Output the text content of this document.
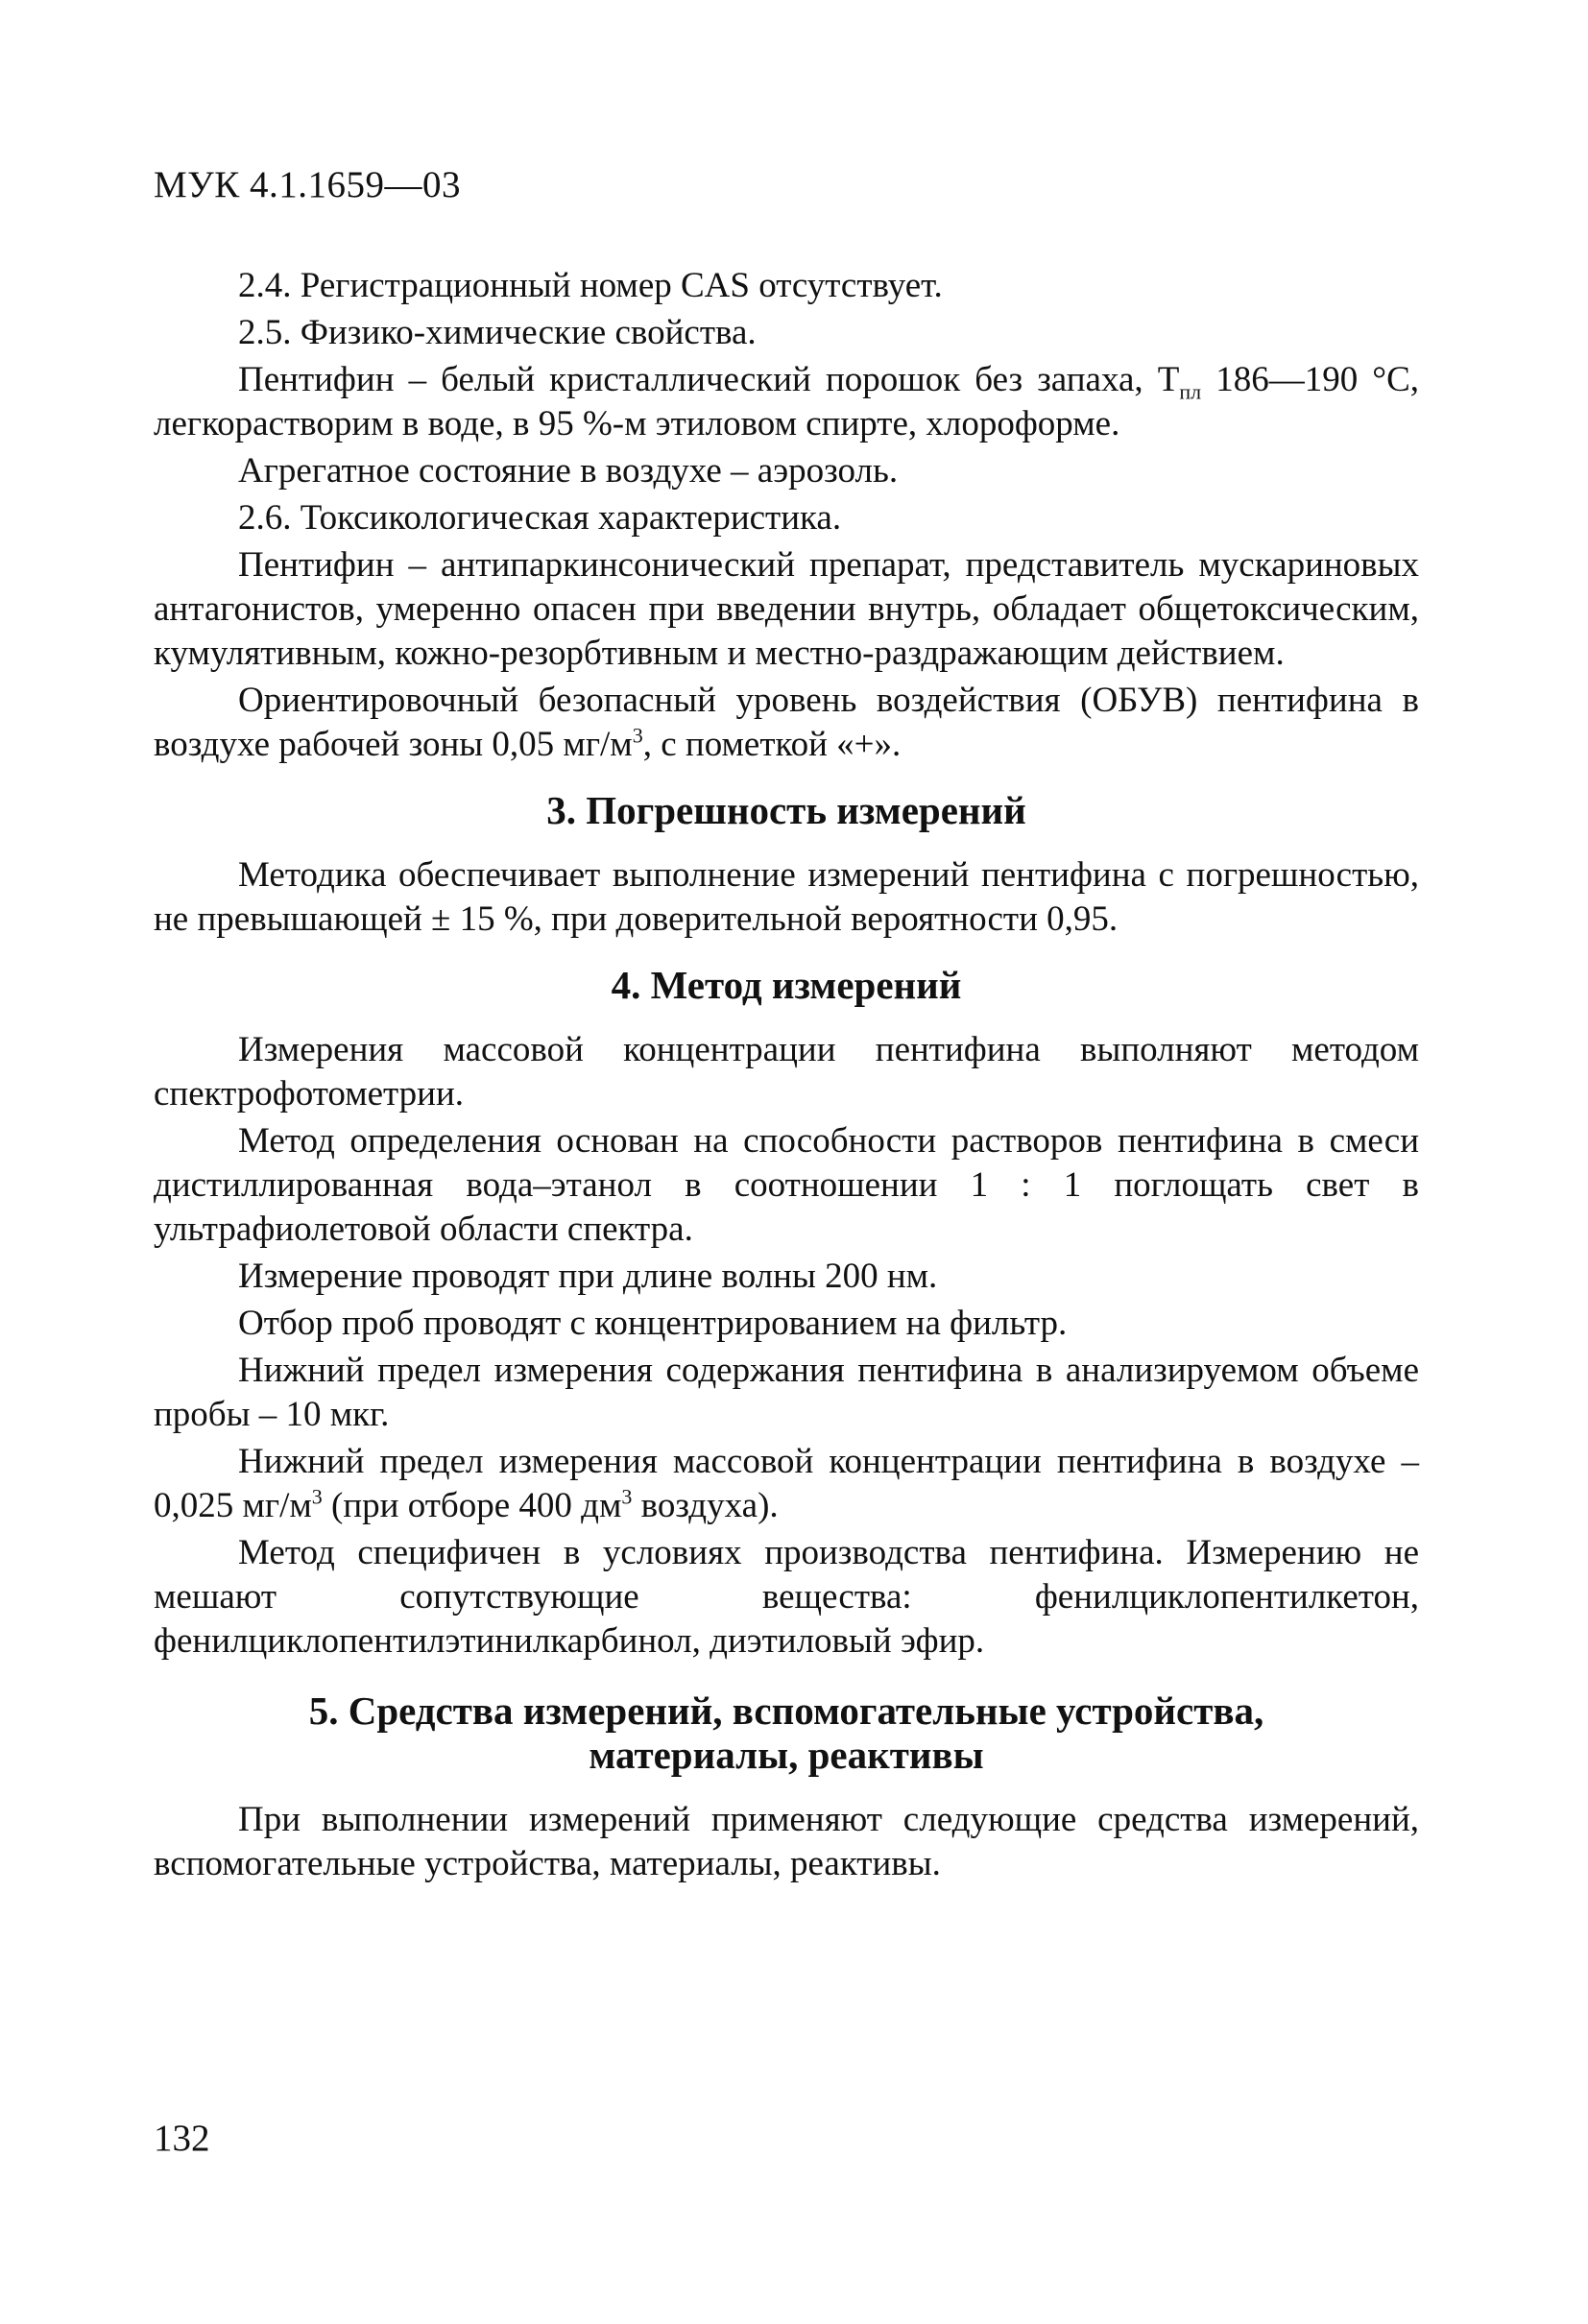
МУК 4.1.1659—03

2.4. Регистрационный номер CAS отсутствует.

2.5. Физико-химические свойства.

Пентифин – белый кристаллический порошок без запаха, $Т_{пл}$ 186—190 °С, легкорастворим в воде, в 95 %-м этиловом спирте, хлороформе.

Агрегатное состояние в воздухе – аэрозоль.

2.6. Токсикологическая характеристика.

Пентифин – антипаркинсонический препарат, представитель мускариновых антагонистов, умеренно опасен при введении внутрь, обладает общетоксическим, кумулятивным, кожно-резорбтивным и местно-раздражающим действием.

Ориентировочный безопасный уровень воздействия (ОБУВ) пентифина в воздухе рабочей зоны 0,05 $мг/м^3$, с пометкой «+».

3. Погрешность измерений

Методика обеспечивает выполнение измерений пентифина с погрешностью, не превышающей ± 15 %, при доверительной вероятности 0,95.

4. Метод измерений

Измерения массовой концентрации пентифина выполняют методом спектрофотометрии.

Метод определения основан на способности растворов пентифина в смеси дистиллированная вода–этанол в соотношении 1 : 1 поглощать свет в ультрафиолетовой области спектра.

Измерение проводят при длине волны 200 нм.

Отбор проб проводят с концентрированием на фильтр.

Нижний предел измерения содержания пентифина в анализируемом объеме пробы – 10 мкг.

Нижний предел измерения массовой концентрации пентифина в воздухе – 0,025 $мг/м^3$ (при отборе 400 $дм^3$ воздуха).

Метод специфичен в условиях производства пентифина. Измерению не мешают сопутствующие вещества: фенилциклопентилкетон, фенилциклопентилэтинилкарбинол, диэтиловый эфир.

5. Средства измерений, вспомогательные устройства,
материалы, реактивы

При выполнении измерений применяют следующие средства измерений, вспомогательные устройства, материалы, реактивы.

132
